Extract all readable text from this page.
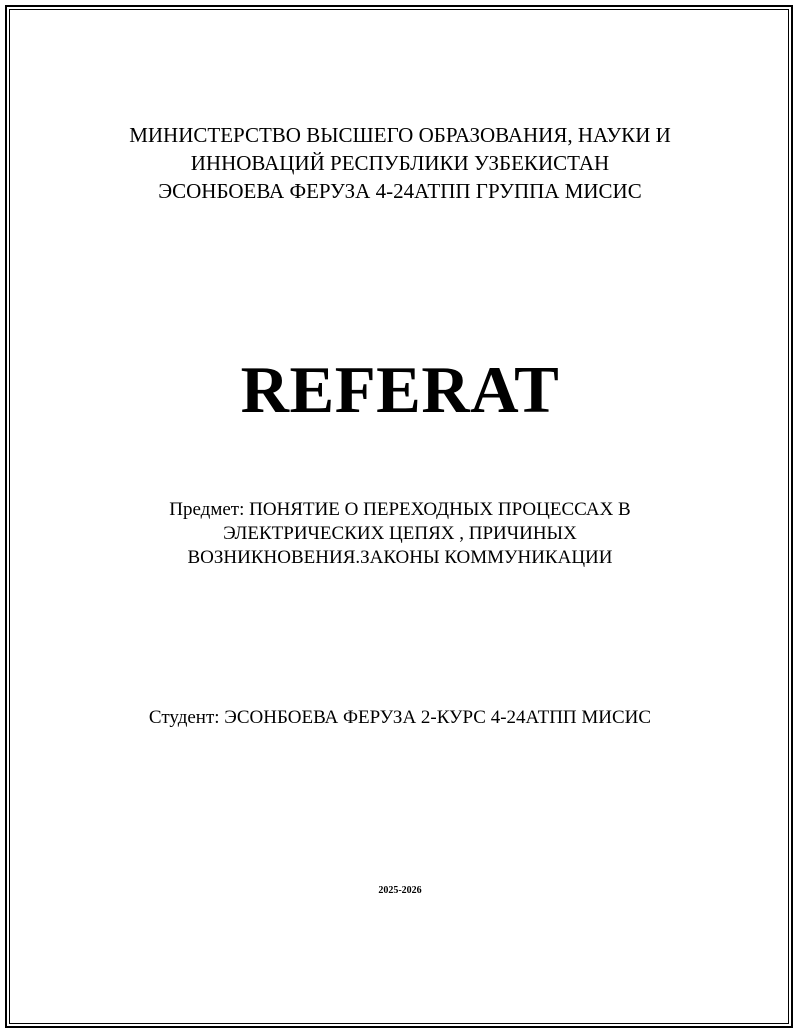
МИНИСТЕРСТВО ВЫСШЕГО ОБРАЗОВАНИЯ, НАУКИ И
ИННОВАЦИЙ РЕСПУБЛИКИ УЗБЕКИСТАН
ЭСОНБОЕВА ФЕРУЗА 4-24АТПП ГРУППА МИСИС
REFERAT
Предмет: ПОНЯТИЕ О ПЕРЕХОДНЫХ ПРОЦЕССАХ В
ЭЛЕКТРИЧЕСКИХ ЦЕПЯХ , ПРИЧИНЫХ
ВОЗНИКНОВЕНИЯ.ЗАКОНЫ КОММУНИКАЦИИ
Студент: ЭСОНБОЕВА ФЕРУЗА 2-КУРС 4-24АТПП МИСИС
2025-2026
